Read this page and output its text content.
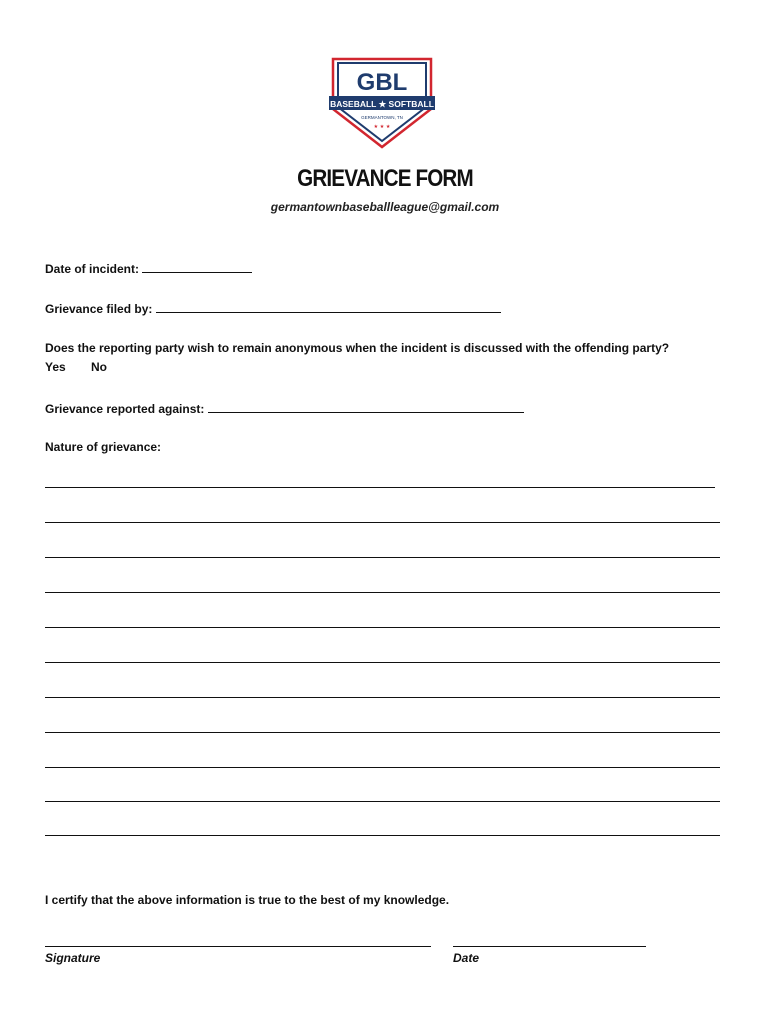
GBL
BASEBALL ★ SOFTBALL
GERMANTOWN, TN
★ ★ ★
GRIEVANCE FORM
germantownbaseballleague@gmail.com
Date of incident:
Grievance filed by:
Does the reporting party wish to remain anonymous when the incident is discussed with the offending party?
Yes No
Grievance reported against:
Nature of grievance:
I certify that the above information is true to the best of my knowledge.
Signature	Date
